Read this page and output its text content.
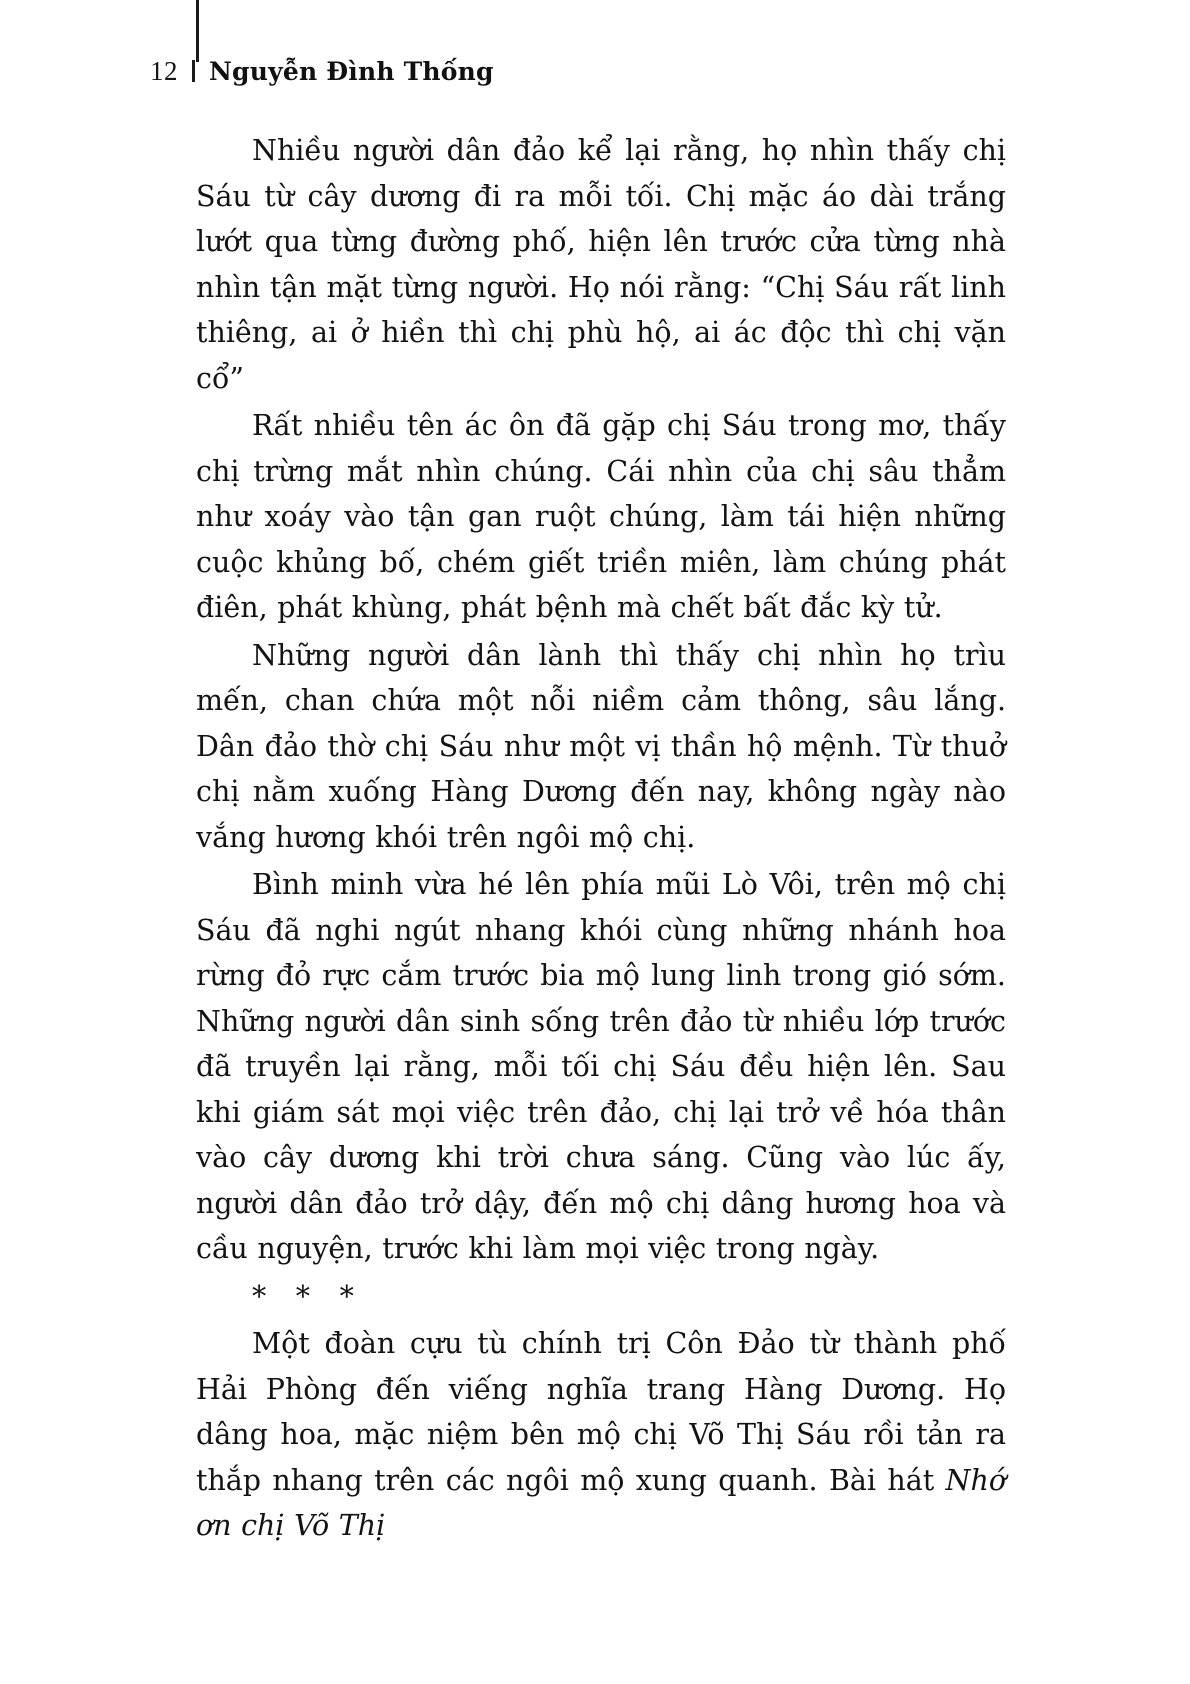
12 Nguyễn Đình Thống

Nhiều người dân đảo kể lại rằng, họ nhìn thấy chị Sáu từ cây dương đi ra mỗi tối. Chị mặc áo dài trắng lướt qua từng đường phố, hiện lên trước cửa từng nhà nhìn tận mặt từng người. Họ nói rằng: “Chị Sáu rất linh thiêng, ai ở hiền thì chị phù hộ, ai ác độc thì chị vặn cổ”

Rất nhiều tên ác ôn đã gặp chị Sáu trong mơ, thấy chị trừng mắt nhìn chúng. Cái nhìn của chị sâu thẳm như xoáy vào tận gan ruột chúng, làm tái hiện những cuộc khủng bố, chém giết triền miên, làm chúng phát điên, phát khùng, phát bệnh mà chết bất đắc kỳ tử.

Những người dân lành thì thấy chị nhìn họ trìu mến, chan chứa một nỗi niềm cảm thông, sâu lắng. Dân đảo thờ chị Sáu như một vị thần hộ mệnh. Từ thuở chị nằm xuống Hàng Dương đến nay, không ngày nào vắng hương khói trên ngôi mộ chị.

Bình minh vừa hé lên phía mũi Lò Vôi, trên mộ chị Sáu đã nghi ngút nhang khói cùng những nhánh hoa rừng đỏ rực cắm trước bia mộ lung linh trong gió sớm. Những người dân sinh sống trên đảo từ nhiều lớp trước đã truyền lại rằng, mỗi tối chị Sáu đều hiện lên. Sau khi giám sát mọi việc trên đảo, chị lại trở về hóa thân vào cây dương khi trời chưa sáng. Cũng vào lúc ấy, người dân đảo trở dậy, đến mộ chị dâng hương hoa và cầu nguyện, trước khi làm mọi việc trong ngày.

* * *

Một đoàn cựu tù chính trị Côn Đảo từ thành phố Hải Phòng đến viếng nghĩa trang Hàng Dương. Họ dâng hoa, mặc niệm bên mộ chị Võ Thị Sáu rồi tản ra thắp nhang trên các ngôi mộ xung quanh. Bài hát Nhớ ơn chị Võ Thị
